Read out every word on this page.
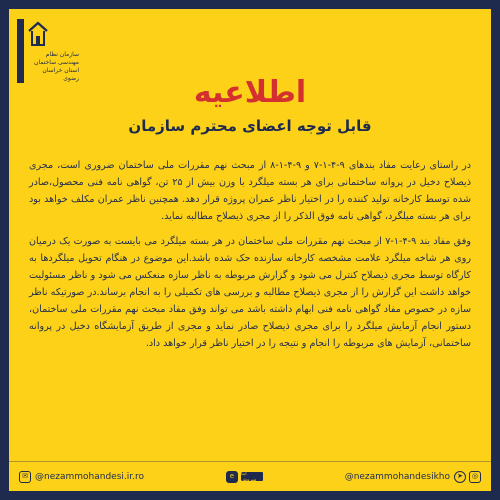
سازمان نظام مهندسی ساختمان استان خراسان رضوی	اطلاعیه
قابل توجه اعضای محترم سازمان

در راستای رعایت مفاد بندهای ۹-۴-۱-۷ و ۹-۴-۱-۸ از مبحث نهم مقررات ملی ساختمان ضروری است، مجری ذیصلاح دخیل در پروانه ساختمانی برای هر بسته میلگرد با وزن بیش از ۲۵ تن، گواهی نامه فنی محصول،صادر شده توسط کارخانه تولید کننده را در اختیار ناظر عمران پروژه قرار دهد. همچنین ناظر عمران مکلف خواهد بود برای هر بسته میلگرد، گواهی نامه فوق الذکر را از مجری ذیصلاح مطالبه نماید.

وفق مفاد بند ۹-۴-۱-۷ از مبحث نهم مقررات ملی ساختمان در هر بسته میلگرد می بایست به صورت یک درمیان روی هر شاخه میلگرد علامت مشخصه کارخانه سازنده حک شده باشد.این موضوع در هنگام تحویل میلگردها به کارگاه توسط مجری ذیصلاح کنترل می شود و گزارش مربوطه به ناظر سازه منعکس می شود و ناظر مسئولیت خواهد داشت این گزارش را از مجری ذیصلاح مطالبه و بررسی های تکمیلی را به انجام برساند.در صورتیکه ناظر سازه در خصوص مفاد گواهی نامه فنی ابهام داشته باشد می تواند وفق مفاد مبحث نهم مقررات ملی ساختمان، دستور انجام آزمایش میلگرد را برای مجری ذیصلاح صادر نماید و مجری از طریق آزمایشگاه دخیل در پروانه ساختمانی، آزمایش های مربوطه را انجام و نتیجه را در اختیار ناظر قرار خواهد داد.

✉ @nezammohandesi.ir.ro	e	ایتا سروش	@nezammohandesikho	➤	◎
